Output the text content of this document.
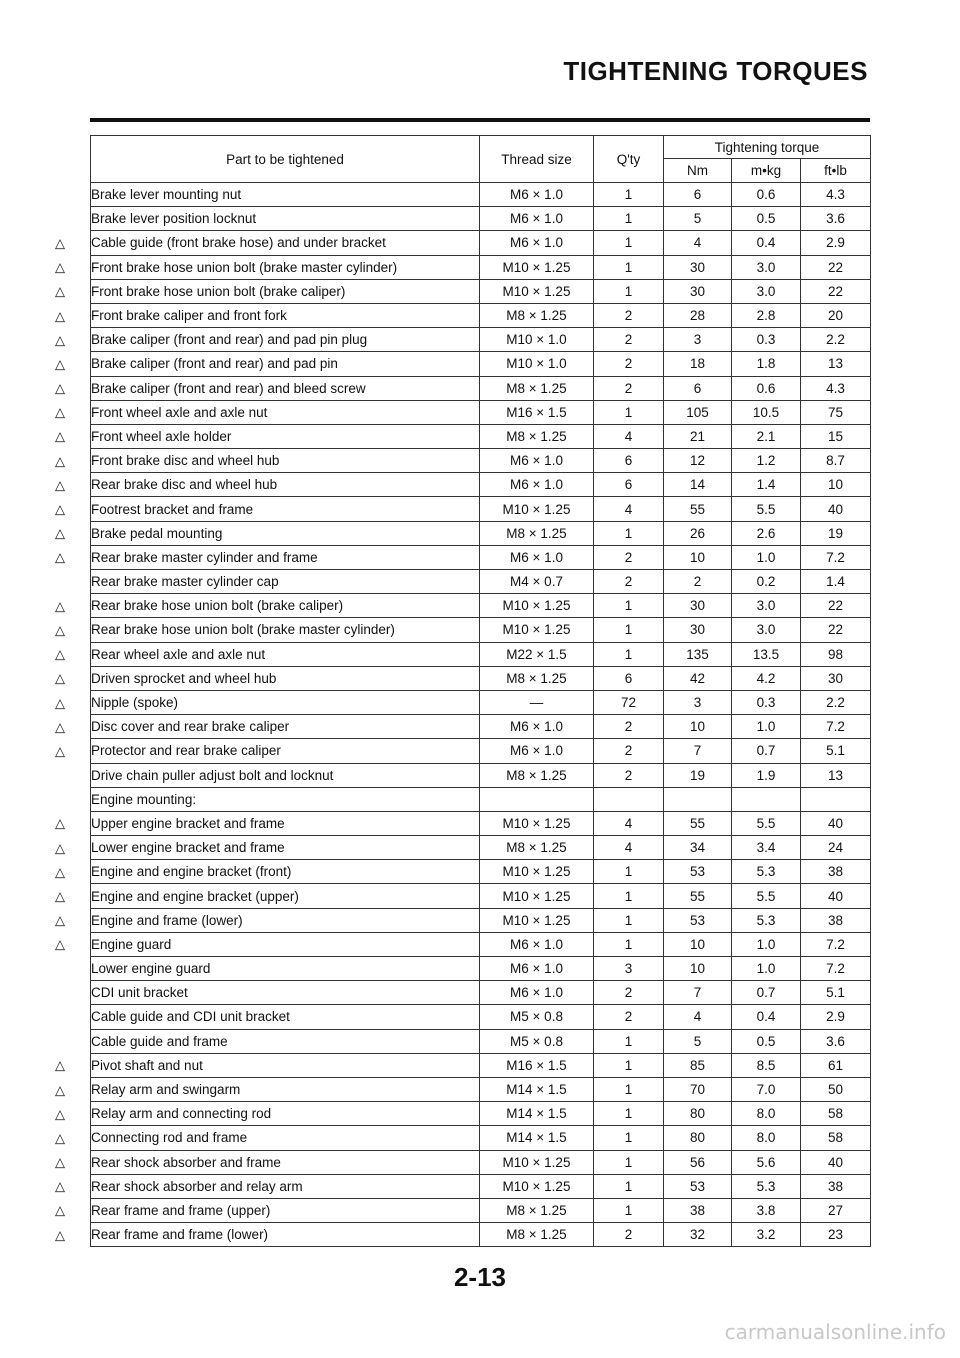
TIGHTENING TORQUES
Part to be tightened	Thread size	Q'ty	Tightening torque		
			Nm	m•kg	ft•lb
Brake lever mounting nut	M6 × 1.0	1	6	0.6	4.3
Brake lever position locknut	M6 × 1.0	1	5	0.5	3.6

△ Cable guide (front brake hose) and under bracket	M6 × 1.0	1	4	0.4	2.9

△ Front brake hose union bolt (brake master cylinder)	M10 × 1.25	1	30	3.0	22

△ Front brake hose union bolt (brake caliper)	M10 × 1.25	1	30	3.0	22

△ Front brake caliper and front fork	M8 × 1.25	2	28	2.8	20

△ Brake caliper (front and rear) and pad pin plug	M10 × 1.0	2	3	0.3	2.2

△ Brake caliper (front and rear) and pad pin	M10 × 1.0	2	18	1.8	13

△ Brake caliper (front and rear) and bleed screw	M8 × 1.25	2	6	0.6	4.3

△ Front wheel axle and axle nut	M16 × 1.5	1	105	10.5	75

△ Front wheel axle holder	M8 × 1.25	4	21	2.1	15

△ Front brake disc and wheel hub	M6 × 1.0	6	12	1.2	8.7

△ Rear brake disc and wheel hub	M6 × 1.0	6	14	1.4	10

△ Footrest bracket and frame	M10 × 1.25	4	55	5.5	40

△ Brake pedal mounting	M8 × 1.25	1	26	2.6	19

△ Rear brake master cylinder and frame	M6 × 1.0	2	10	1.0	7.2
Rear brake master cylinder cap	M4 × 0.7	2	2	0.2	1.4

△ Rear brake hose union bolt (brake caliper)	M10 × 1.25	1	30	3.0	22

△ Rear brake hose union bolt (brake master cylinder)	M10 × 1.25	1	30	3.0	22

△ Rear wheel axle and axle nut	M22 × 1.5	1	135	13.5	98

△ Driven sprocket and wheel hub	M8 × 1.25	6	42	4.2	30

△ Nipple (spoke)	—	72	3	0.3	2.2

△ Disc cover and rear brake caliper	M6 × 1.0	2	10	1.0	7.2

△ Protector and rear brake caliper	M6 × 1.0	2	7	0.7	5.1
Drive chain puller adjust bolt and locknut	M8 × 1.25	2	19	1.9	13
Engine mounting:					

△ Upper engine bracket and frame	M10 × 1.25	4	55	5.5	40

△ Lower engine bracket and frame	M8 × 1.25	4	34	3.4	24

△ Engine and engine bracket (front)	M10 × 1.25	1	53	5.3	38

△ Engine and engine bracket (upper)	M10 × 1.25	1	55	5.5	40

△ Engine and frame (lower)	M10 × 1.25	1	53	5.3	38

△ Engine guard	M6 × 1.0	1	10	1.0	7.2
Lower engine guard	M6 × 1.0	3	10	1.0	7.2
CDI unit bracket	M6 × 1.0	2	7	0.7	5.1
Cable guide and CDI unit bracket	M5 × 0.8	2	4	0.4	2.9
Cable guide and frame	M5 × 0.8	1	5	0.5	3.6

△ Pivot shaft and nut	M16 × 1.5	1	85	8.5	61

△ Relay arm and swingarm	M14 × 1.5	1	70	7.0	50

△ Relay arm and connecting rod	M14 × 1.5	1	80	8.0	58

△ Connecting rod and frame	M14 × 1.5	1	80	8.0	58

△ Rear shock absorber and frame	M10 × 1.25	1	56	5.6	40

△ Rear shock absorber and relay arm	M10 × 1.25	1	53	5.3	38

△ Rear frame and frame (upper)	M8 × 1.25	1	38	3.8	27

△ Rear frame and frame (lower)	M8 × 1.25	2	32	3.2	23
2-13
carmanualsonline.info
